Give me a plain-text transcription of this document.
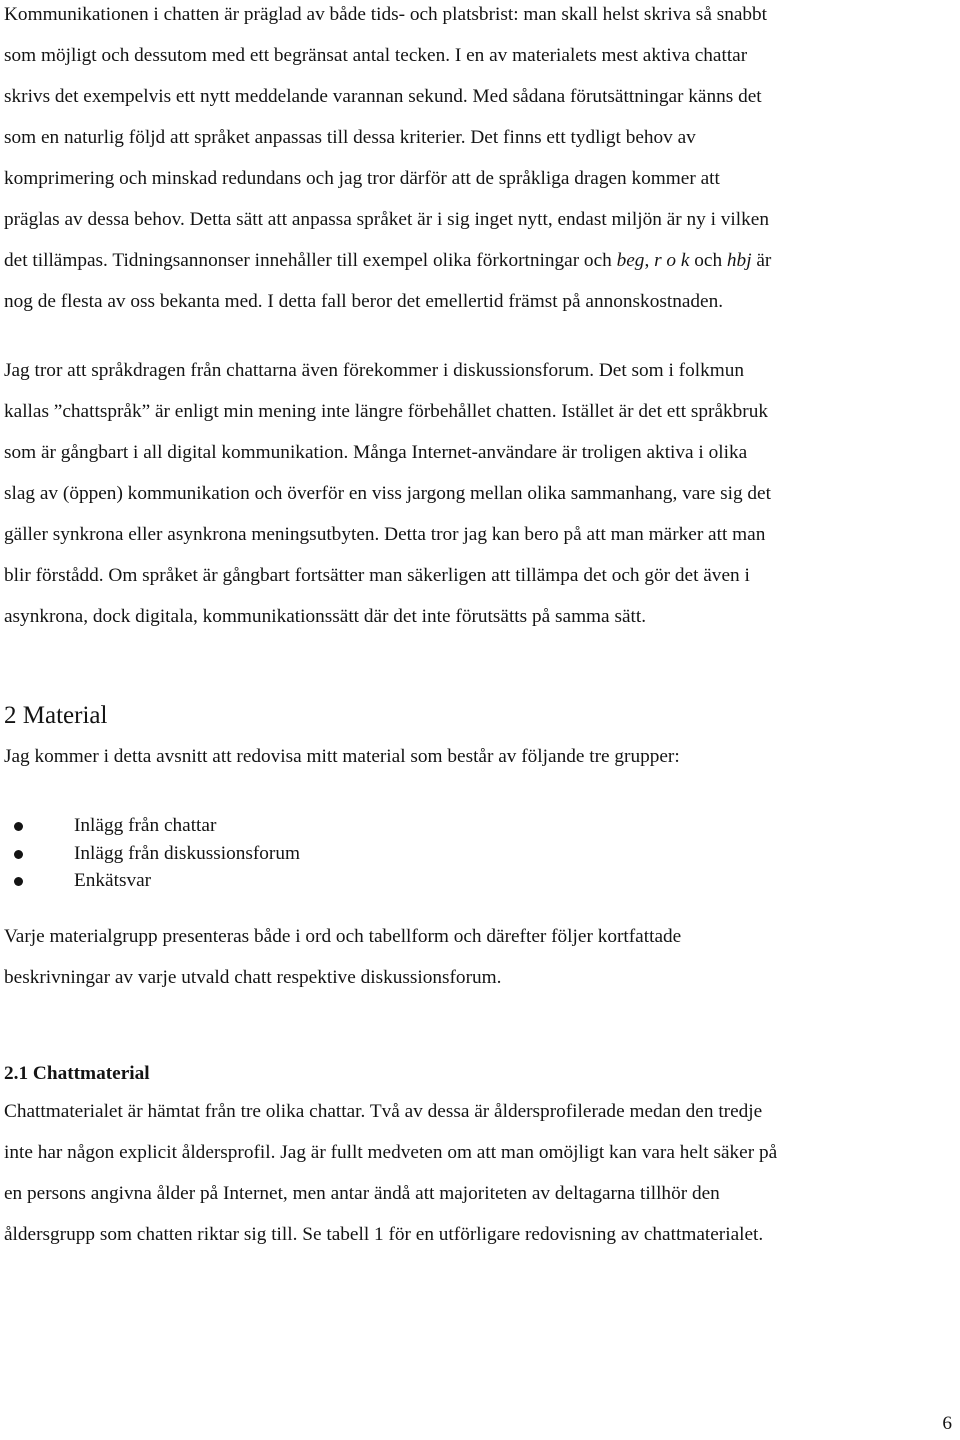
Kommunikationen i chatten är präglad av både tids- och platsbrist: man skall helst skriva så snabbt
som möjligt och dessutom med ett begränsat antal tecken. I en av materialets mest aktiva chattar
skrivs det exempelvis ett nytt meddelande varannan sekund. Med sådana förutsättningar känns det
som en naturlig följd att språket anpassas till dessa kriterier. Det finns ett tydligt behov av
komprimering och minskad redundans och jag tror därför att de språkliga dragen kommer att
präglas av dessa behov. Detta sätt att anpassa språket är i sig inget nytt, endast miljön är ny i vilken
det tillämpas. Tidningsannonser innehåller till exempel olika förkortningar och beg, r o k och hbj är
nog de flesta av oss bekanta med. I detta fall beror det emellertid främst på annonskostnaden.

Jag tror att språkdragen från chattarna även förekommer i diskussionsforum. Det som i folkmun
kallas ”chattspråk” är enligt min mening inte längre förbehållet chatten. Istället är det ett språkbruk
som är gångbart i all digital kommunikation. Många Internet-användare är troligen aktiva i olika
slag av (öppen) kommunikation och överför en viss jargong mellan olika sammanhang, vare sig det
gäller synkrona eller asynkrona meningsutbyten. Detta tror jag kan bero på att man märker att man
blir förstådd. Om språket är gångbart fortsätter man säkerligen att tillämpa det och gör det även i
asynkrona, dock digitala, kommunikationssätt där det inte förutsätts på samma sätt.

2 Material

Jag kommer i detta avsnitt att redovisa mitt material som består av följande tre grupper:

Inlägg från chattar
Inlägg från diskussionsforum
Enkätsvar

Varje materialgrupp presenteras både i ord och tabellform och därefter följer kortfattade
beskrivningar av varje utvald chatt respektive diskussionsforum.

2.1 Chattmaterial

Chattmaterialet är hämtat från tre olika chattar. Två av dessa är åldersprofilerade medan den tredje
inte har någon explicit åldersprofil. Jag är fullt medveten om att man omöjligt kan vara helt säker på
en persons angivna ålder på Internet, men antar ändå att majoriteten av deltagarna tillhör den
åldersgrupp som chatten riktar sig till. Se tabell 1 för en utförligare redovisning av chattmaterialet.

6
